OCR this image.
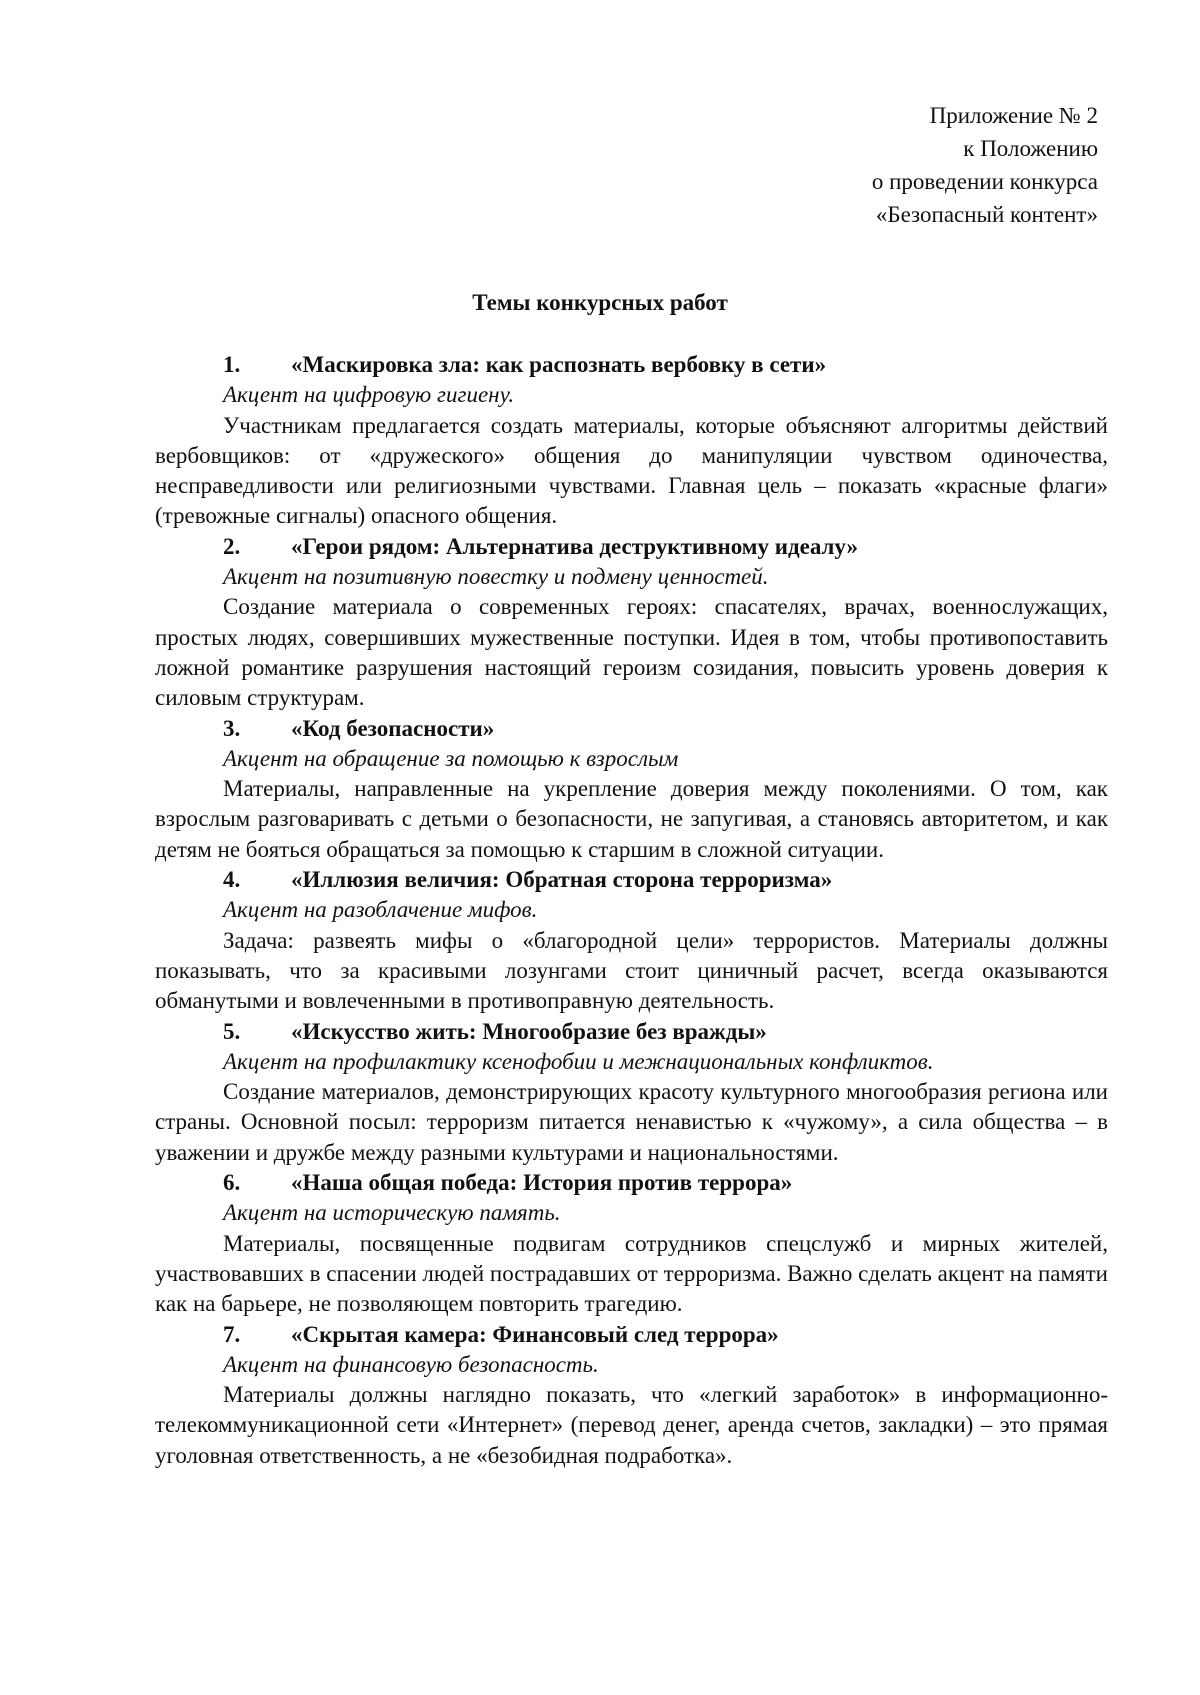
Приложение № 2
к Положению
о проведении конкурса
«Безопасный контент»
Темы конкурсных работ
1. «Маскировка зла: как распознать вербовку в сети»
Акцент на цифровую гигиену.
Участникам предлагается создать материалы, которые объясняют алгоритмы действий вербовщиков: от «дружеского» общения до манипуляции чувством одиночества, несправедливости или религиозными чувствами. Главная цель – показать «красные флаги» (тревожные сигналы) опасного общения.
2. «Герои рядом: Альтернатива деструктивному идеалу»
Акцент на позитивную повестку и подмену ценностей.
Создание материала о современных героях: спасателях, врачах, военнослужащих, простых людях, совершивших мужественные поступки. Идея в том, чтобы противопоставить ложной романтике разрушения настоящий героизм созидания, повысить уровень доверия к силовым структурам.
3. «Код безопасности»
Акцент на обращение за помощью к взрослым
Материалы, направленные на укрепление доверия между поколениями. О том, как взрослым разговаривать с детьми о безопасности, не запугивая, а становясь авторитетом, и как детям не бояться обращаться за помощью к старшим в сложной ситуации.
4. «Иллюзия величия: Обратная сторона терроризма»
Акцент на разоблачение мифов.
Задача: развеять мифы о «благородной цели» террористов. Материалы должны показывать, что за красивыми лозунгами стоит циничный расчет, всегда оказываются обманутыми и вовлеченными в противоправную деятельность.
5. «Искусство жить: Многообразие без вражды»
Акцент на профилактику ксенофобии и межнациональных конфликтов.
Создание материалов, демонстрирующих красоту культурного многообразия региона или страны. Основной посыл: терроризм питается ненавистью к «чужому», а сила общества – в уважении и дружбе между разными культурами и национальностями.
6. «Наша общая победа: История против террора»
Акцент на историческую память.
Материалы, посвященные подвигам сотрудников спецслужб и мирных жителей, участвовавших в спасении людей пострадавших от терроризма. Важно сделать акцент на памяти как на барьере, не позволяющем повторить трагедию.
7. «Скрытая камера: Финансовый след террора»
Акцент на финансовую безопасность.
Материалы должны наглядно показать, что «легкий заработок» в информационно-телекоммуникационной сети «Интернет» (перевод денег, аренда счетов, закладки) – это прямая уголовная ответственность, а не «безобидная подработка».
